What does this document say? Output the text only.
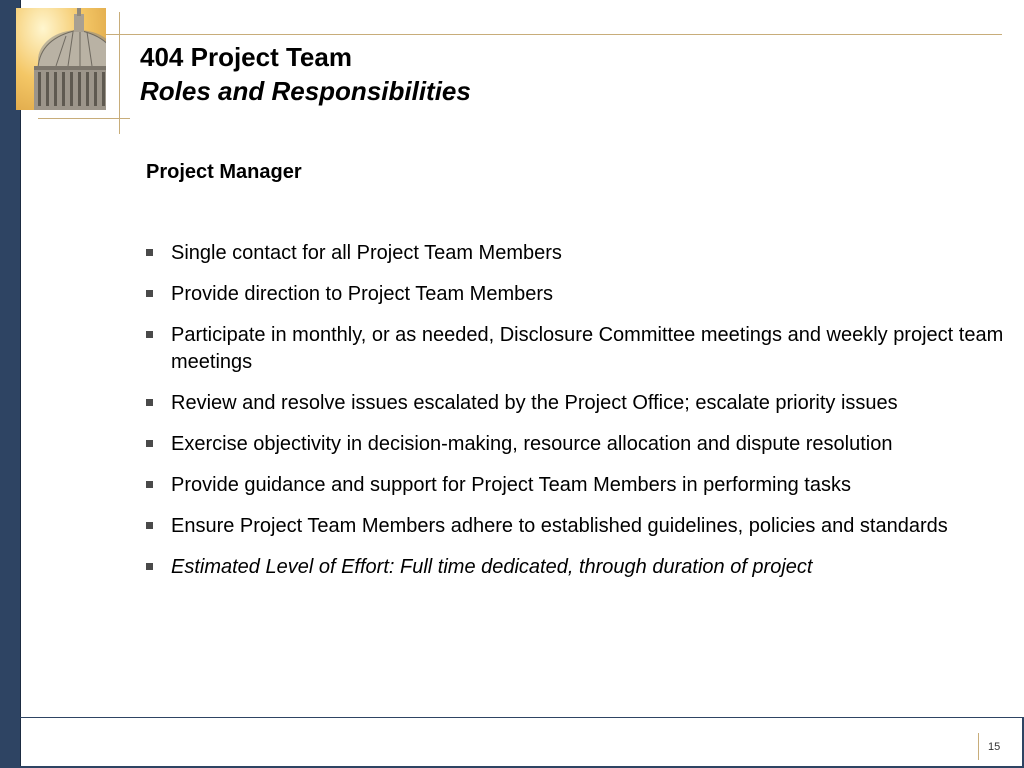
404 Project Team
Roles and Responsibilities
Project Manager
Single contact for all Project Team Members
Provide direction to Project Team Members
Participate in monthly, or as needed, Disclosure Committee meetings and weekly project team meetings
Review and resolve issues escalated by the Project Office; escalate priority issues
Exercise objectivity in decision-making, resource allocation and dispute resolution
Provide guidance and support for Project Team Members in performing tasks
Ensure Project Team Members adhere to established guidelines, policies and standards
Estimated Level of Effort: Full time dedicated, through duration of project
15
